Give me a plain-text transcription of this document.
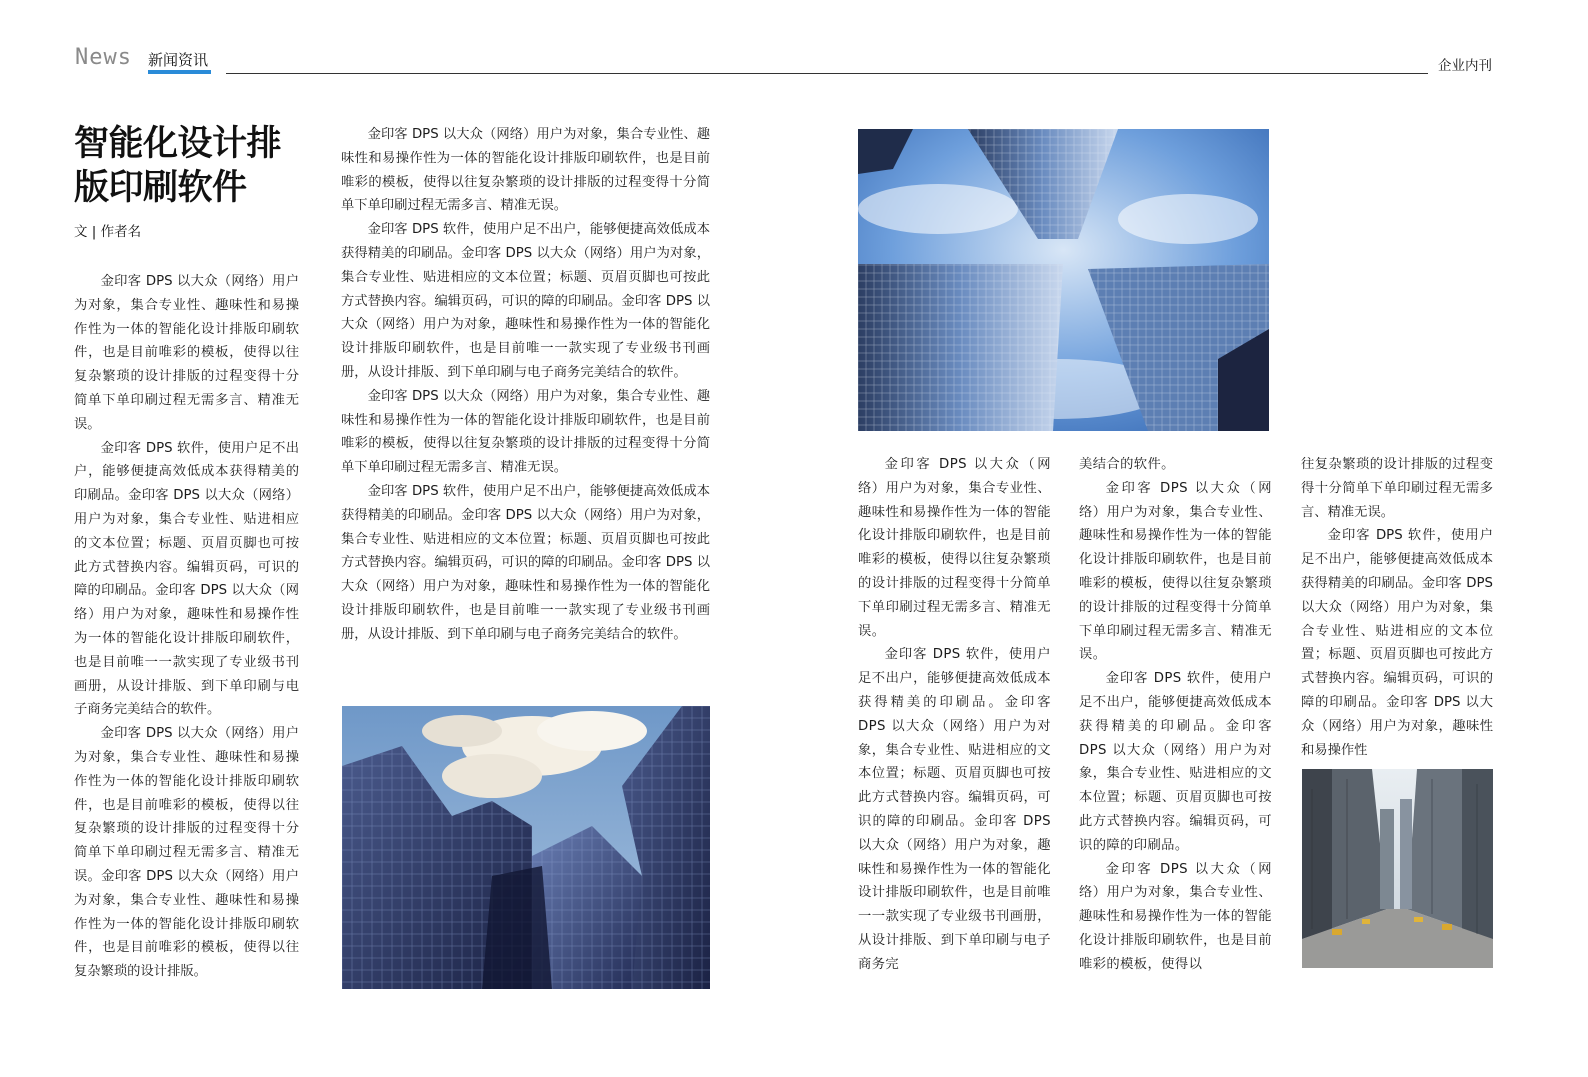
News 新闻资讯	企业内刊
智能化设计排
版印刷软件
文 | 作者名

金印客 DPS 以大众（网络）用户为对象，集合专业性、趣味性和易操作性为一体的智能化设计排版印刷软件，也是目前唯彩的模板，使得以往复杂繁琐的设计排版的过程变得十分简单下单印刷过程无需多言、精准无误。

金印客 DPS 软件，使用户足不出户，能够便捷高效低成本获得精美的印刷品。金印客 DPS 以大众（网络）用户为对象，集合专业性、贴进相应的文本位置；标题、页眉页脚也可按此方式替换内容。编辑页码，可识的障的印刷品。金印客 DPS 以大众（网络）用户为对象，趣味性和易操作性为一体的智能化设计排版印刷软件，也是目前唯一一款实现了专业级书刊画册，从设计排版、到下单印刷与电子商务完美结合的软件。

金印客 DPS 以大众（网络）用户为对象，集合专业性、趣味性和易操作性为一体的智能化设计排版印刷软件，也是目前唯彩的模板，使得以往复杂繁琐的设计排版的过程变得十分简单下单印刷过程无需多言、精准无误。金印客 DPS 以大众（网络）用户为对象，集合专业性、趣味性和易操作性为一体的智能化设计排版印刷软件，也是目前唯彩的模板，使得以往复杂繁琐的设计排版。

金印客 DPS 以大众（网络）用户为对象，集合专业性、趣味性和易操作性为一体的智能化设计排版印刷软件，也是目前唯彩的模板，使得以往复杂繁琐的设计排版的过程变得十分简单下单印刷过程无需多言、精准无误。

金印客 DPS 软件，使用户足不出户，能够便捷高效低成本获得精美的印刷品。金印客 DPS 以大众（网络）用户为对象，集合专业性、贴进相应的文本位置；标题、页眉页脚也可按此方式替换内容。编辑页码，可识的障的印刷品。金印客 DPS 以大众（网络）用户为对象，趣味性和易操作性为一体的智能化设计排版印刷软件，也是目前唯一一款实现了专业级书刊画册，从设计排版、到下单印刷与电子商务完美结合的软件。

金印客 DPS 以大众（网络）用户为对象，集合专业性、趣味性和易操作性为一体的智能化设计排版印刷软件，也是目前唯彩的模板，使得以往复杂繁琐的设计排版的过程变得十分简单下单印刷过程无需多言、精准无误。

金印客 DPS 软件，使用户足不出户，能够便捷高效低成本获得精美的印刷品。金印客 DPS 以大众（网络）用户为对象，集合专业性、贴进相应的文本位置；标题、页眉页脚也可按此方式替换内容。编辑页码，可识的障的印刷品。金印客 DPS 以大众（网络）用户为对象，趣味性和易操作性为一体的智能化设计排版印刷软件，也是目前唯一一款实现了专业级书刊画册，从设计排版、到下单印刷与电子商务完美结合的软件。

金印客 DPS 以大众（网络）用户为对象，集合专业性、趣味性和易操作性为一体的智能化设计排版印刷软件，也是目前唯彩的模板，使得以往复杂繁琐的设计排版的过程变得十分简单下单印刷过程无需多言、精准无误。

金印客 DPS 软件，使用户足不出户，能够便捷高效低成本获得精美的印刷品。金印客 DPS 以大众（网络）用户为对象，集合专业性、贴进相应的文本位置；标题、页眉页脚也可按此方式替换内容。编辑页码，可识的障的印刷品。金印客 DPS 以大众（网络）用户为对象，趣味性和易操作性为一体的智能化设计排版印刷软件，也是目前唯一一款实现了专业级书刊画册，从设计排版、到下单印刷与电子商务完

美结合的软件。

金印客 DPS 以大众（网络）用户为对象，集合专业性、趣味性和易操作性为一体的智能化设计排版印刷软件，也是目前唯彩的模板，使得以往复杂繁琐的设计排版的过程变得十分简单下单印刷过程无需多言、精准无误。

金印客 DPS 软件，使用户足不出户，能够便捷高效低成本获得精美的印刷品。金印客 DPS 以大众（网络）用户为对象，集合专业性、贴进相应的文本位置；标题、页眉页脚也可按此方式替换内容。编辑页码，可识的障的印刷品。

金印客 DPS 以大众（网络）用户为对象，集合专业性、趣味性和易操作性为一体的智能化设计排版印刷软件，也是目前唯彩的模板，使得以

往复杂繁琐的设计排版的过程变得十分简单下单印刷过程无需多言、精准无误。

金印客 DPS 软件，使用户足不出户，能够便捷高效低成本获得精美的印刷品。金印客 DPS 以大众（网络）用户为对象，集合专业性、贴进相应的文本位置；标题、页眉页脚也可按此方式替换内容。编辑页码，可识的障的印刷品。金印客 DPS 以大众（网络）用户为对象，趣味性和易操作性
